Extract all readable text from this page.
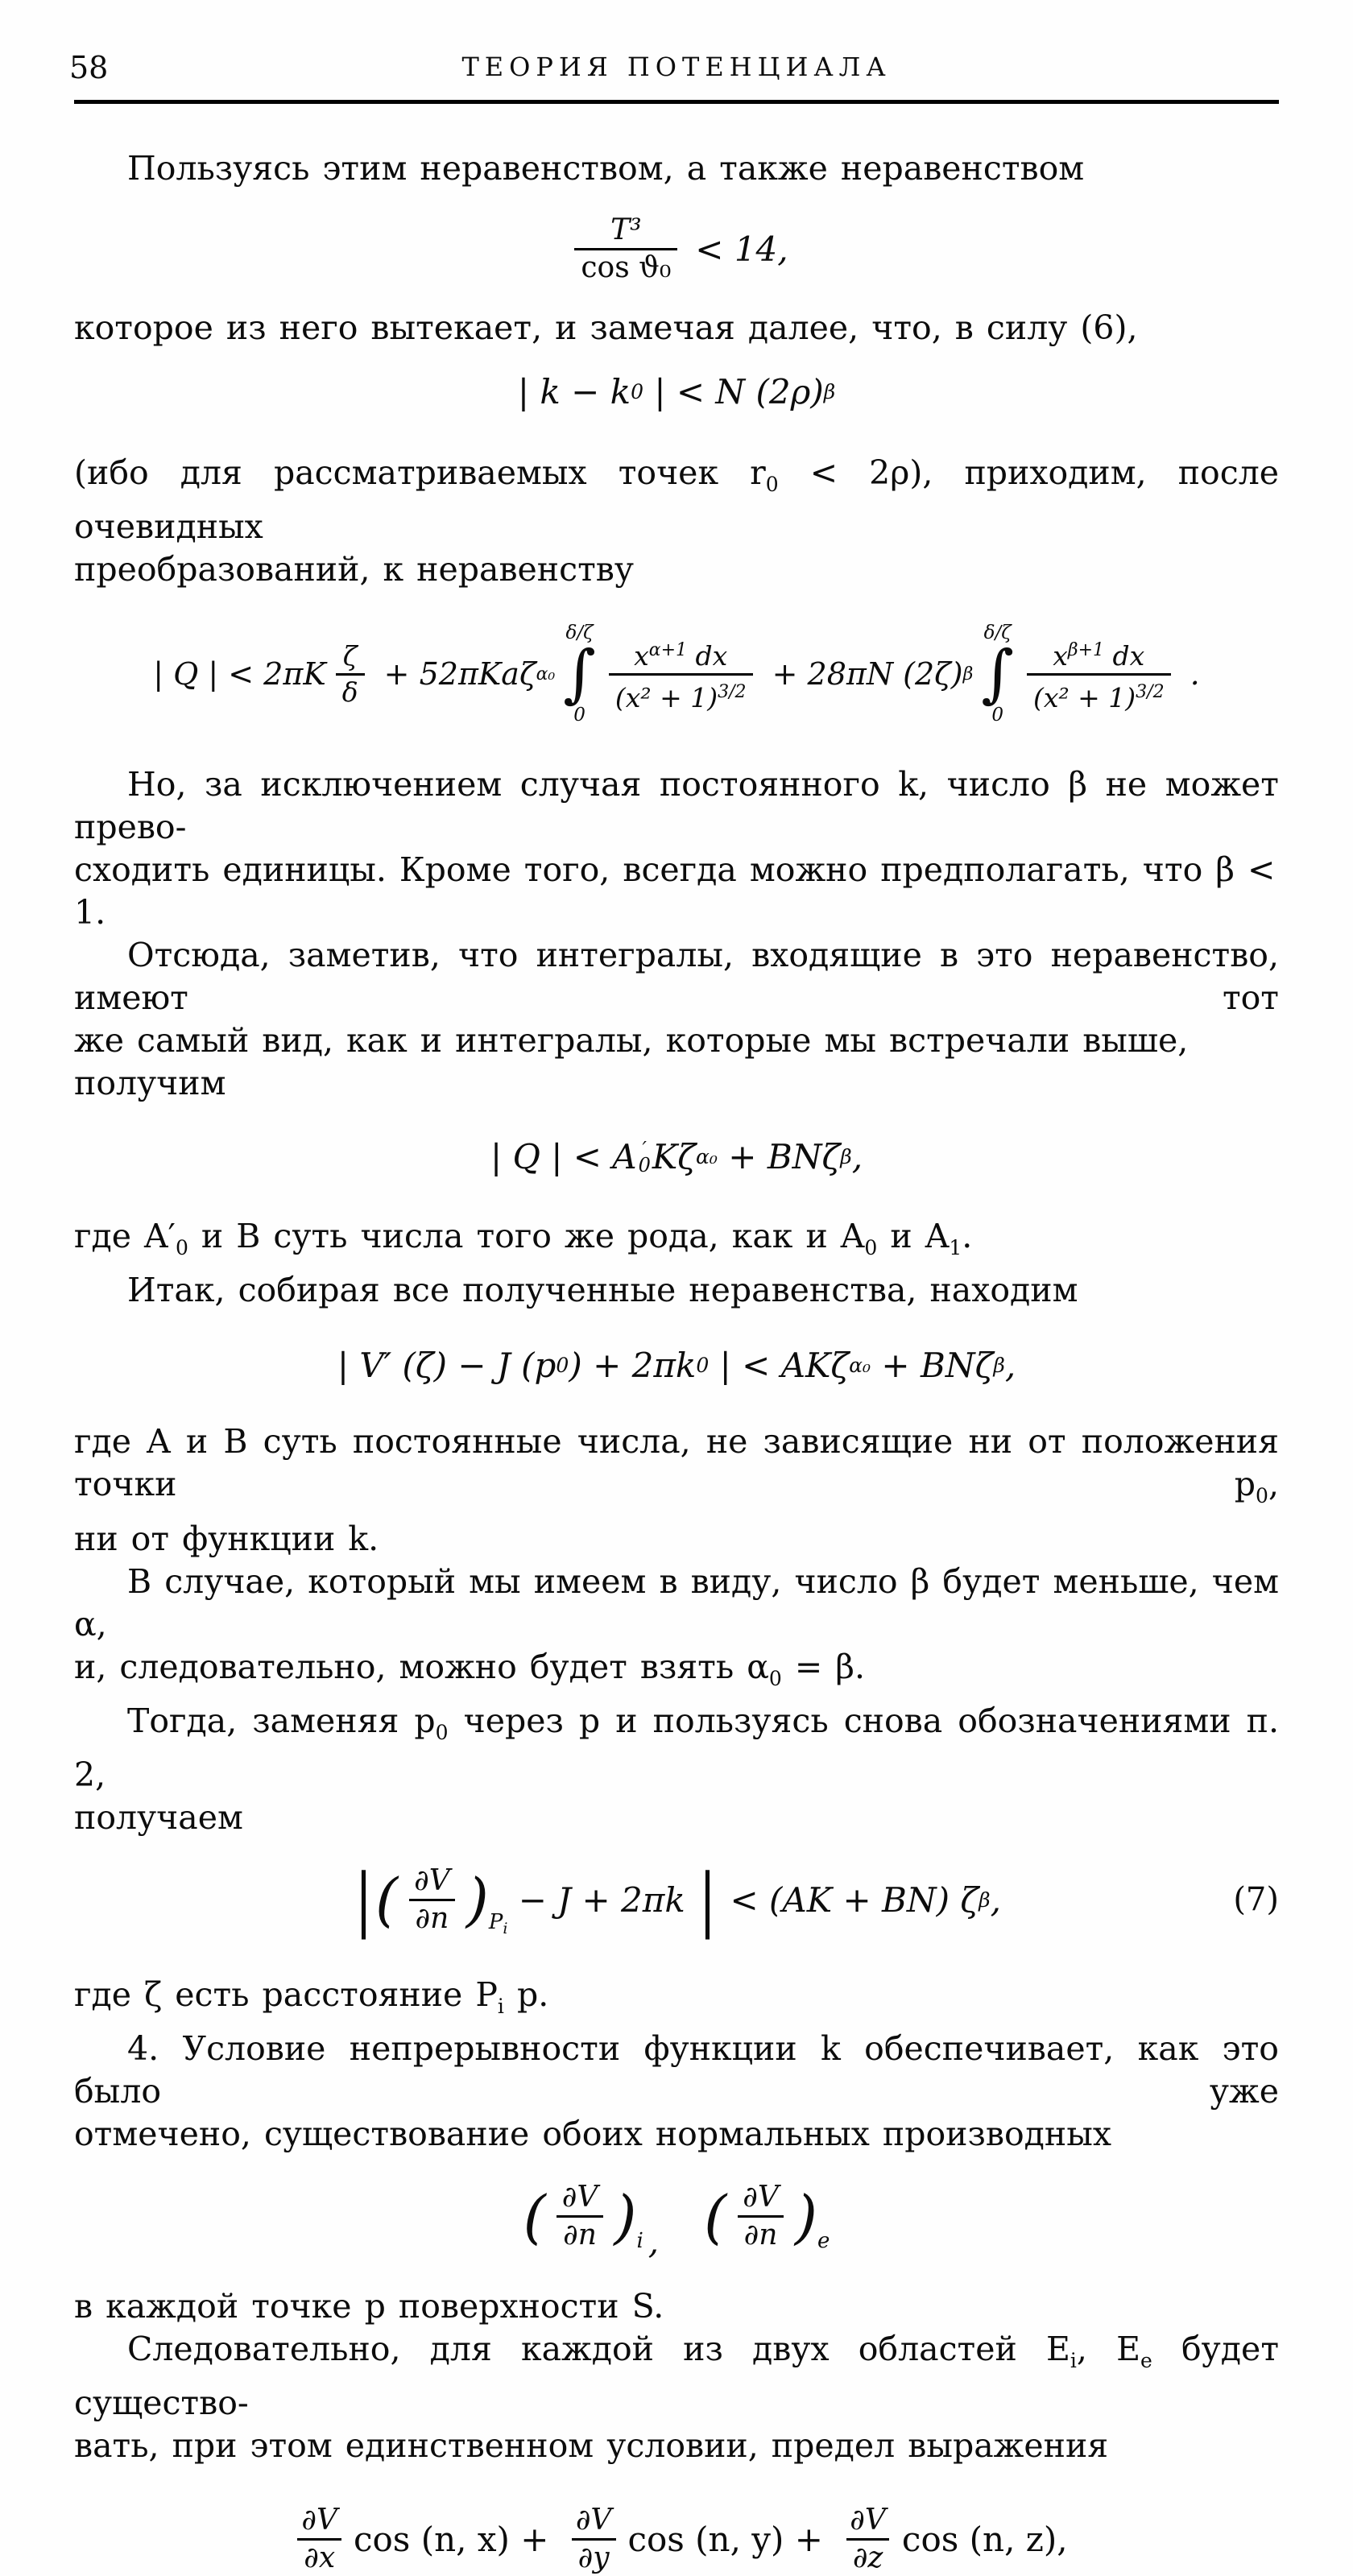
58	ТЕОРИЯ ПОТЕНЦИАЛА
Пользуясь этим неравенством, а также неравенством
$\frac{\text{T³}}{\text{cos ϑ₀}} < 14$,
которое из него вытекает, и замечая далее, что, в силу (6),
| k − k 0 | < N (2ρ) β
(ибо для рассматриваемых точек $r_0 < 2\rho$), приходим, после очевидных
преобразований, к неравенству
| Q | < $2\pi K \frac{\zeta}{\delta} + 52\pi Ka\zeta$ α₀
δ/ζ
∫
0
$\frac{x^{\alpha+1} dx}{(x^2 + 1)^{3/2}} + 28\pi N$ (2ζ) β
δ/ζ
∫
0
$\frac{x^{\beta+1} dx}{(x^2 + 1)^{3/2}}$ .
Но, за исключением случая постоянного k, число β не может прево-
сходить единицы. Кроме того, всегда можно предполагать, что β < 1.
Отсюда, заметив, что интегралы, входящие в это неравенство, имеют тот
же самый вид, как и интегралы, которые мы встречали выше, получим
| Q | < A ′
0 Kζ α₀ + BNζ β ,
где $A'_0$ и B суть числа того же рода, как и $A_0$ и $A_1$.
Итак, собирая все полученные неравенства, находим
| V′ (ζ) − J (p 0 ) + 2πk 0 | < AKζ α₀ + BNζ β ,
где A и B суть постоянные числа, не зависящие ни от положения точки $p_0$,
ни от функции k.
В случае, который мы имеем в виду, число β будет меньше, чем α,
и, следовательно, можно будет взять $\alpha_0 = \beta$.
Тогда, заменяя $p_0$ через p и пользуясь снова обозначениями п. 2,
получаем
| ( $\frac{\partial V}{\partial n}$ ) $P_i$
− J + 2πk | < (AK + BN) ζ β ,	(7)
где ζ есть расстояние $P_i$ p.
4. Условие непрерывности функции k обеспечивает, как это было уже
отмечено, существование обоих нормальных производных
( $\frac{\partial V}{\partial n}$ ) i , ( $\frac{\partial V}{\partial n}$ ) e
в каждой точке p поверхности S.
Следовательно, для каждой из двух областей $E_i$, $E_e$ будет существо-
вать, при этом единственном условии, предел выражения
$\frac{\partial V}{\partial x}$ cos (n, $x) + \frac{\partial V}{\partial y}$ cos (n, $y) + \frac{\partial V}{\partial z}$ cos (n, z),
